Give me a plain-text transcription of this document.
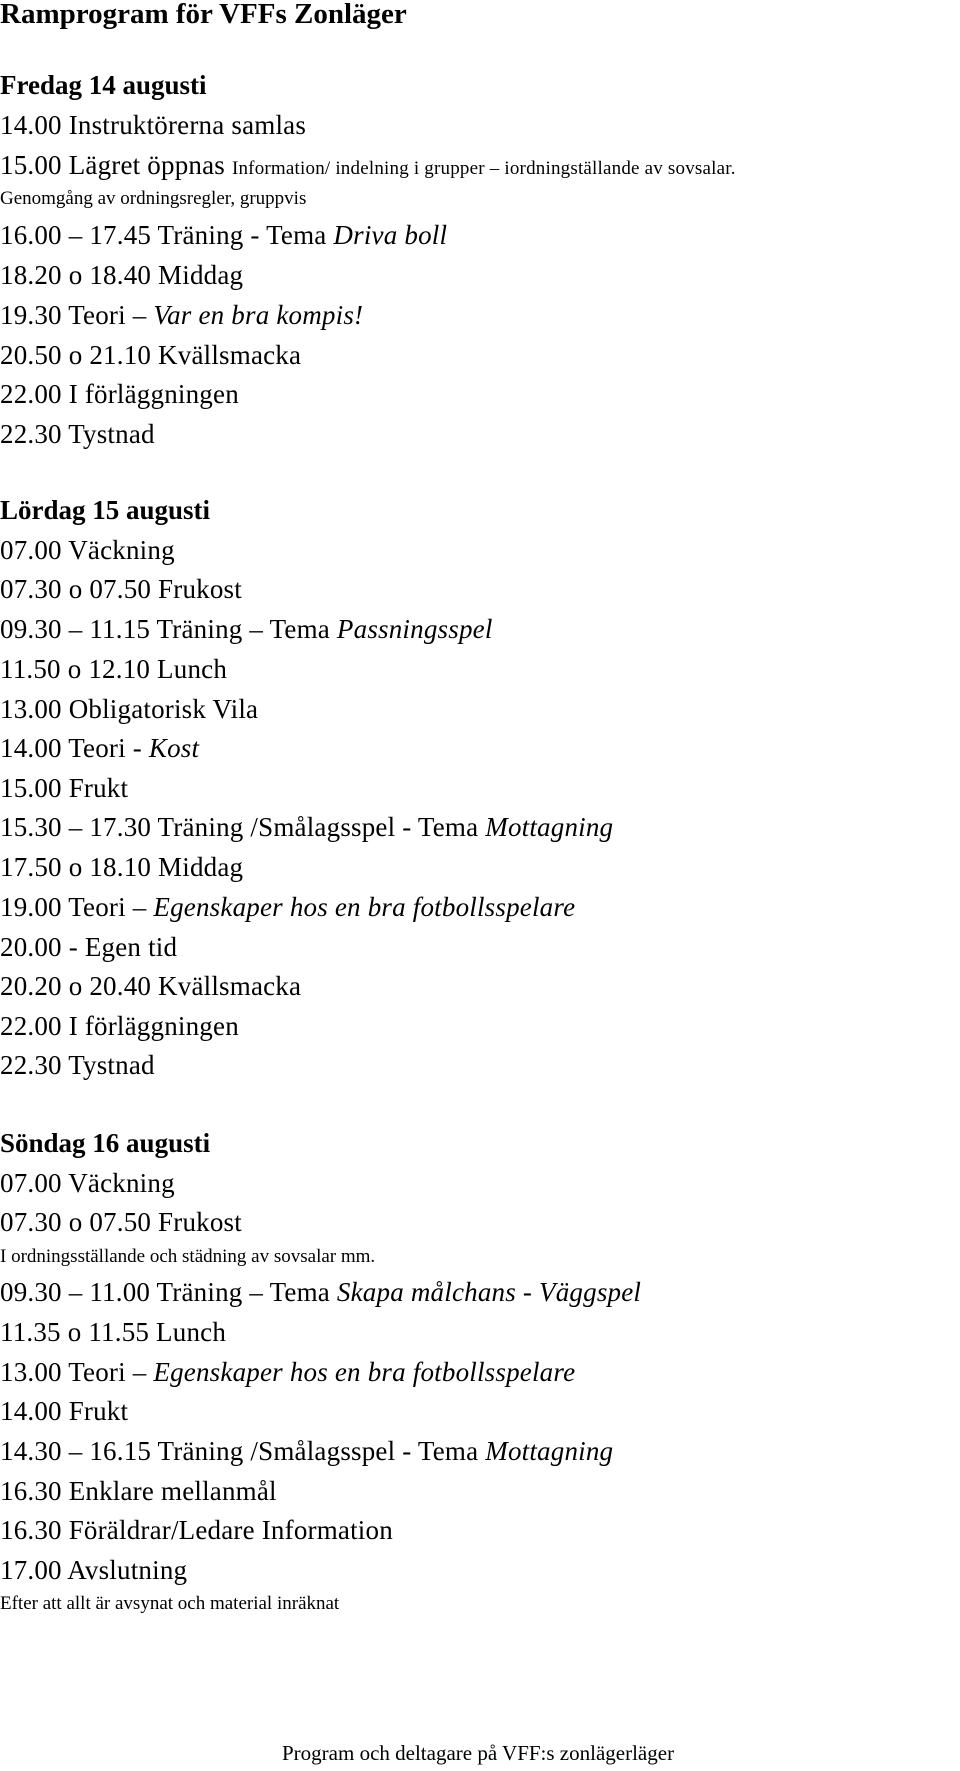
Ramprogram för VFFs Zonläger
Fredag 14 augusti
14.00 Instruktörerna samlas
15.00 Lägret öppnas Information/ indelning i grupper – iordningställande av sovsalar.
Genomgång av ordningsregler, gruppvis
16.00 – 17.45 Träning - Tema Driva boll
18.20 o 18.40 Middag
19.30 Teori – Var en bra kompis!
20.50 o 21.10 Kvällsmacka
22.00 I förläggningen
22.30 Tystnad
Lördag 15 augusti
07.00 Väckning
07.30 o 07.50 Frukost
09.30 – 11.15 Träning – Tema Passningsspel
11.50 o 12.10 Lunch
13.00 Obligatorisk Vila
14.00 Teori - Kost
15.00 Frukt
15.30 – 17.30 Träning /Smålagsspel - Tema Mottagning
17.50 o 18.10 Middag
19.00 Teori – Egenskaper hos en bra fotbollsspelare
20.00 - Egen tid
20.20 o 20.40 Kvällsmacka
22.00 I förläggningen
22.30 Tystnad
Söndag 16 augusti
07.00 Väckning
07.30 o 07.50 Frukost
I ordningsställande och städning av sovsalar mm.
09.30 – 11.00 Träning – Tema Skapa målchans - Väggspel
11.35 o 11.55 Lunch
13.00 Teori – Egenskaper hos en bra fotbollsspelare
14.00 Frukt
14.30 – 16.15 Träning /Smålagsspel - Tema Mottagning
16.30 Enklare mellanmål
16.30 Föräldrar/Ledare Information
17.00 Avslutning
Efter att allt är avsynat och material inräknat
Program och deltagare på VFF:s zonlägerläger
